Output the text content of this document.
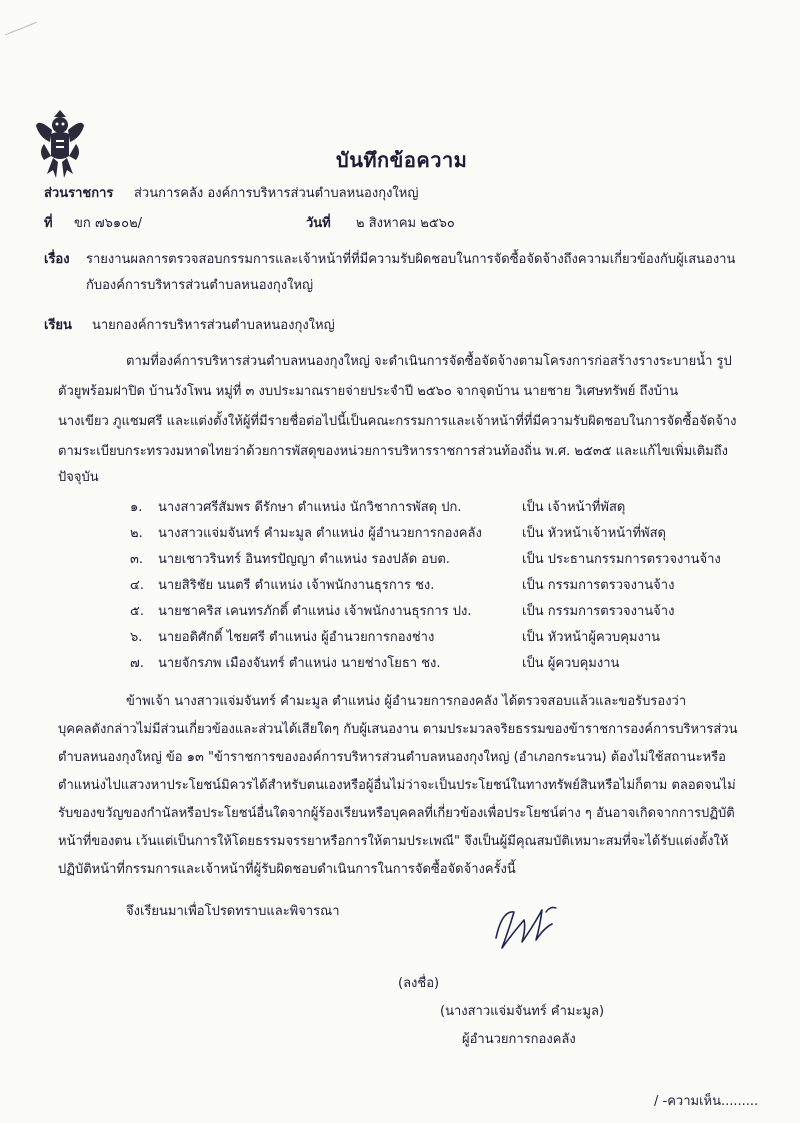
บันทึกข้อความ
ส่วนราชการ ส่วนการคลัง องค์การบริหารส่วนตำบลหนองกุงใหญ่
ที่ ขก ๗๖๑๐๒/	วันที่ ๒ สิงหาคม ๒๕๖๐
เรื่อง รายงานผลการตรวจสอบกรรมการและเจ้าหน้าที่ที่มีความรับผิดชอบในการจัดซื้อจัดจ้างถึงความเกี่ยวข้องกับผู้เสนองาน
กับองค์การบริหารส่วนตำบลหนองกุงใหญ่
เรียน นายกองค์การบริหารส่วนตำบลหนองกุงใหญ่
ตามที่องค์การบริหารส่วนตำบลหนองกุงใหญ่ จะดำเนินการจัดซื้อจัดจ้างตามโครงการก่อสร้างรางระบายน้ำ รูป
ตัวยูพร้อมฝาปิด บ้านวังโพน หมู่ที่ ๓ งบประมาณรายจ่ายประจำปี ๒๕๖๐ จากจุดบ้าน นายชาย วิเศษทรัพย์ ถึงบ้าน
นางเขียว ภูแชมศรี และแต่งตั้งให้ผู้ที่มีรายชื่อต่อไปนี้เป็นคณะกรรมการและเจ้าหน้าที่ที่มีความรับผิดชอบในการจัดซื้อจัดจ้าง
ตามระเบียบกระทรวงมหาดไทยว่าด้วยการพัสดุของหน่วยการบริหารราชการส่วนท้องถิ่น พ.ศ. ๒๕๓๕ และแก้ไขเพิ่มเติมถึง
ปัจจุบัน
๑. นางสาวศรีสัมพร ดีรักษา ตำแหน่ง นักวิชาการพัสดุ ปก.	เป็น เจ้าหน้าที่พัสดุ
๒. นางสาวแจ่มจันทร์ คำมะมูล ตำแหน่ง ผู้อำนวยการกองคลัง	เป็น หัวหน้าเจ้าหน้าที่พัสดุ
๓. นายเชาวรินทร์ อินทรปัญญา ตำแหน่ง รองปลัด อบต.	เป็น ประธานกรรมการตรวจงานจ้าง
๔. นายสิริชัย นนตรี ตำแหน่ง เจ้าพนักงานธุรการ ชง.	เป็น กรรมการตรวจงานจ้าง
๕. นายชาคริส เคนทรภักดิ์ ตำแหน่ง เจ้าพนักงานธุรการ ปง.	เป็น กรรมการตรวจงานจ้าง
๖. นายอดิศักดิ์ ไชยศรี ตำแหน่ง ผู้อำนวยการกองช่าง	เป็น หัวหน้าผู้ควบคุมงาน
๗. นายจักรภพ เมืองจันทร์ ตำแหน่ง นายช่างโยธา ชง.	เป็น ผู้ควบคุมงาน
ข้าพเจ้า นางสาวแจ่มจันทร์ คำมะมูล ตำแหน่ง ผู้อำนวยการกองคลัง ได้ตรวจสอบแล้วและขอรับรองว่า
บุคคลดังกล่าวไม่มีส่วนเกี่ยวข้องและส่วนได้เสียใดๆ กับผู้เสนองาน ตามประมวลจริยธรรมของข้าราชการองค์การบริหารส่วน
ตำบลหนองกุงใหญ่ ข้อ ๑๓ "ข้าราชการขององค์การบริหารส่วนตำบลหนองกุงใหญ่ (อำเภอกระนวน) ต้องไม่ใช้สถานะหรือ
ตำแหน่งไปแสวงหาประโยชน์มิควรได้สำหรับตนเองหรือผู้อื่นไม่ว่าจะเป็นประโยชน์ในทางทรัพย์สินหรือไม่ก็ตาม ตลอดจนไม่
รับของขวัญของกำนัลหรือประโยชน์อื่นใดจากผู้ร้องเรียนหรือบุคคลที่เกี่ยวข้องเพื่อประโยชน์ต่าง ๆ อันอาจเกิดจากการปฏิบัติ
หน้าที่ของตน เว้นแต่เป็นการให้โดยธรรมจรรยาหรือการให้ตามประเพณี" จึงเป็นผู้มีคุณสมบัติเหมาะสมที่จะได้รับแต่งตั้งให้
ปฏิบัติหน้าที่กรรมการและเจ้าหน้าที่ผู้รับผิดชอบดำเนินการในการจัดซื้อจัดจ้างครั้งนี้
จึงเรียนมาเพื่อโปรดทราบและพิจารณา
(ลงชื่อ)
(นางสาวแจ่มจันทร์ คำมะมูล)
ผู้อำนวยการกองคลัง
/ -ความเห็น.........
